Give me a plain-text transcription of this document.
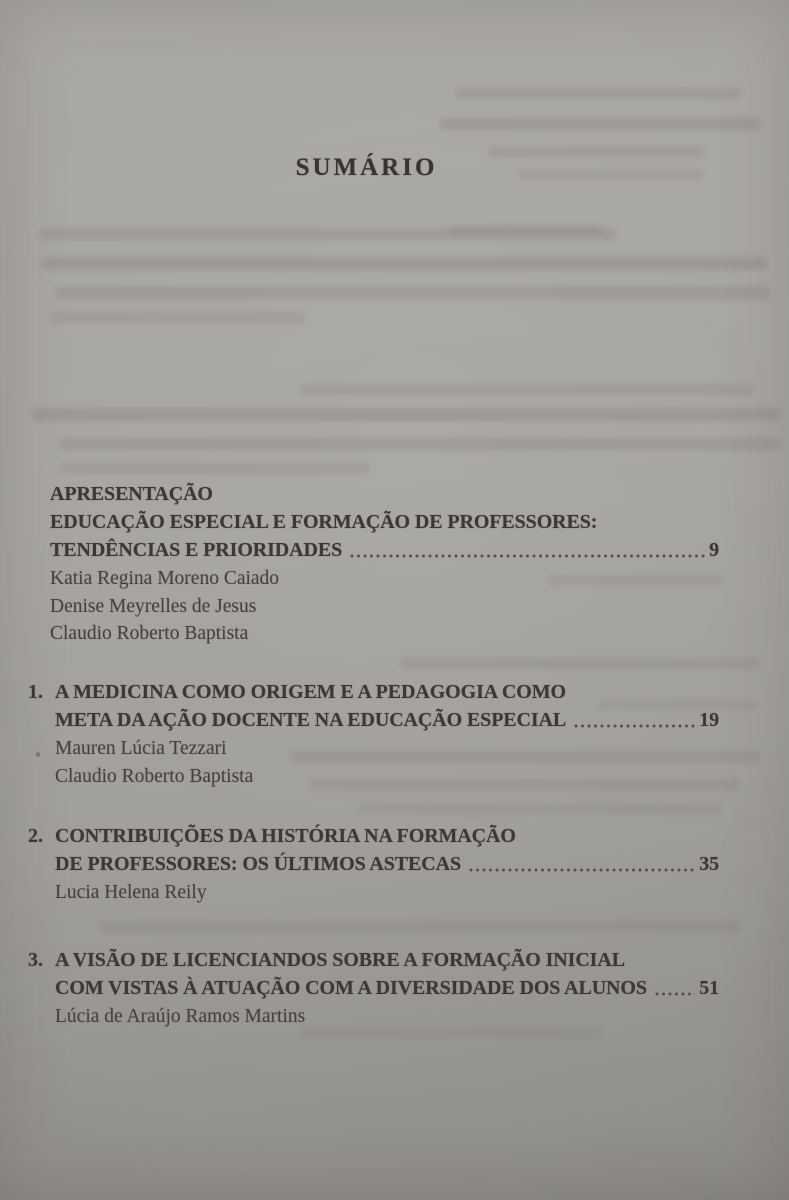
SUMÁRIO
APRESENTAÇÃO
EDUCAÇÃO ESPECIAL E FORMAÇÃO DE PROFESSORES:
TENDÊNCIAS E PRIORIDADES	9
Katia Regina Moreno Caiado
Denise Meyrelles de Jesus
Claudio Roberto Baptista
1. A MEDICINA COMO ORIGEM E A PEDAGOGIA COMO
META DA AÇÃO DOCENTE NA EDUCAÇÃO ESPECIAL	19
Mauren Lúcia Tezzari
Claudio Roberto Baptista
2. CONTRIBUIÇÕES DA HISTÓRIA NA FORMAÇÃO
DE PROFESSORES: OS ÚLTIMOS ASTECAS	35
Lucia Helena Reily
3. A VISÃO DE LICENCIANDOS SOBRE A FORMAÇÃO INICIAL
COM VISTAS À ATUAÇÃO COM A DIVERSIDADE DOS ALUNOS	51
Lúcia de Araújo Ramos Martins
